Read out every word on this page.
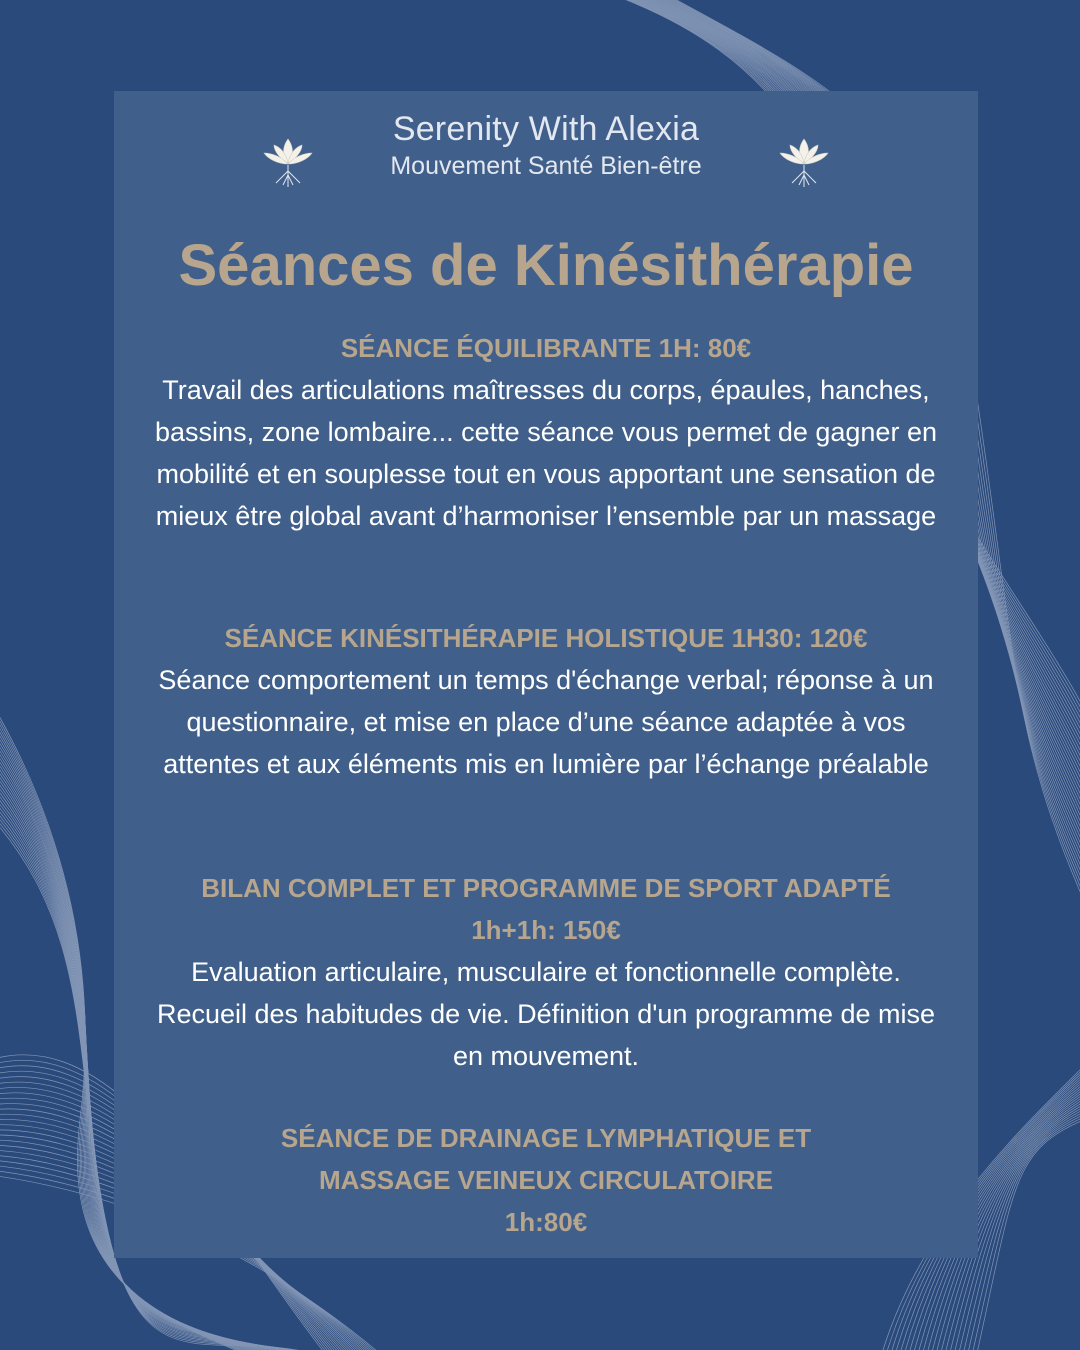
Serenity With Alexia
Mouvement Santé Bien-être
Séances de Kinésithérapie
SÉANCE ÉQUILIBRANTE 1H: 80€
Travail des articulations maîtresses du corps, épaules, hanches, bassins, zone lombaire... cette séance vous permet de gagner en mobilité et en souplesse tout en vous apportant une sensation de mieux être global avant d’harmoniser l’ensemble par un massage
SÉANCE KINÉSITHÉRAPIE HOLISTIQUE 1H30: 120€
Séance comportement un temps d'échange verbal; réponse à un questionnaire, et mise en place d’une séance adaptée à vos attentes et aux éléments mis en lumière par l’échange préalable
BILAN COMPLET ET PROGRAMME DE SPORT ADAPTÉ
1h+1h: 150€
Evaluation articulaire, musculaire et fonctionnelle complète. Recueil des habitudes de vie. Définition d'un programme de mise en mouvement.
SÉANCE DE DRAINAGE LYMPHATIQUE ET MASSAGE VEINEUX CIRCULATOIRE
1h:80€
